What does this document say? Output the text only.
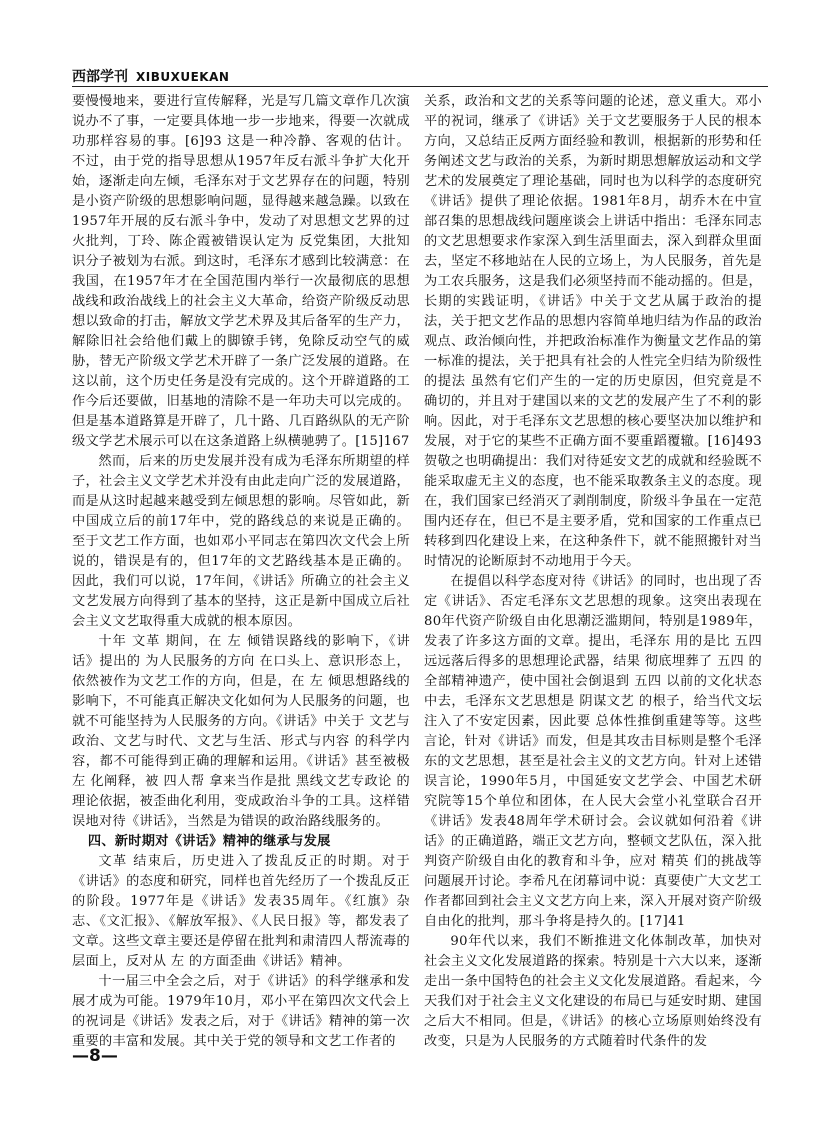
西部学刊 XIBUXUEKAN

要慢慢地来，要进行宣传解释，光是写几篇文章作几次演说办不了事，一定要具体地一步一步地来，得要一次就成功那样容易的事。[6]93 这是一种冷静、客观的估计。不过，由于党的指导思想从1957年反右派斗争扩大化开始，逐渐走向左倾，毛泽东对于文艺界存在的问题，特别是小资产阶级的思想影响问题，显得越来越急躁。以致在1957年开展的反右派斗争中，发动了对思想文艺界的过火批判，丁玲、陈企霞被错误认定为 反党集团，大批知识分子被划为右派。到这时，毛泽东才感到比较满意：在我国，在1957年才在全国范围内举行一次最彻底的思想战线和政治战线上的社会主义大革命，给资产阶级反动思想以致命的打击，解放文学艺术界及其后备军的生产力，解除旧社会给他们戴上的脚镣手铐，免除反动空气的威胁，替无产阶级文学艺术开辟了一条广泛发展的道路。在这以前，这个历史任务是没有完成的。这个开辟道路的工作今后还要做，旧基地的清除不是一年功夫可以完成的。但是基本道路算是开辟了，几十路、几百路纵队的无产阶级文学艺术展示可以在这条道路上纵横驰骋了。[15]167

然而，后来的历史发展并没有成为毛泽东所期望的样子，社会主义文学艺术并没有由此走向广泛的发展道路，而是从这时起越来越受到左倾思想的影响。尽管如此，新中国成立后的前17年中，党的路线总的来说是正确的。至于文艺工作方面，也如邓小平同志在第四次文代会上所说的，错误是有的，但17年的文艺路线基本是正确的。因此，我们可以说，17年间，《讲话》所确立的社会主义文艺发展方向得到了基本的坚持，这正是新中国成立后社会主义文艺取得重大成就的根本原因。

十年 文革 期间，在 左 倾错误路线的影响下，《讲话》提出的 为人民服务的方向 在口头上、意识形态上，依然被作为文艺工作的方向，但是，在 左 倾思想路线的影响下，不可能真正解决文化如何为人民服务的问题，也就不可能坚持为人民服务的方向。《讲话》中关于 文艺与政治、文艺与时代、文艺与生活、形式与内容 的科学内容，都不可能得到正确的理解和运用。《讲话》甚至被极 左 化阐释，被 四人帮 拿来当作是批 黑线文艺专政论 的理论依据，被歪曲化利用，变成政治斗争的工具。这样错误地对待《讲话》，当然是为错误的政治路线服务的。

四、新时期对《讲话》精神的继承与发展

文革 结束后，历史进入了拨乱反正的时期。对于《讲话》的态度和研究，同样也首先经历了一个拨乱反正的阶段。1977年是《讲话》发表35周年。《红旗》杂志、《文汇报》、《解放军报》、《人民日报》等，都发表了文章。这些文章主要还是停留在批判和肃清四人帮流毒的层面上，反对从 左 的方面歪曲《讲话》精神。

十一届三中全会之后，对于《讲话》的科学继承和发展才成为可能。1979年10月，邓小平在第四次文代会上的祝词是《讲话》发表之后，对于《讲话》精神的第一次重要的丰富和发展。其中关于党的领导和文艺工作者的

关系，政治和文艺的关系等问题的论述，意义重大。邓小平的祝词，继承了《讲话》关于文艺要服务于人民的根本方向，又总结正反两方面经验和教训，根据新的形势和任务阐述文艺与政治的关系，为新时期思想解放运动和文学艺术的发展奠定了理论基础，同时也为以科学的态度研究《讲话》提供了理论依据。1981年8月，胡乔木在中宣部召集的思想战线问题座谈会上讲话中指出：毛泽东同志的文艺思想要求作家深入到生活里面去，深入到群众里面去，坚定不移地站在人民的立场上，为人民服务，首先是为工农兵服务，这是我们必须坚持而不能动摇的。但是，长期的实践证明，《讲话》中关于文艺从属于政治的提法，关于把文艺作品的思想内容简单地归结为作品的政治观点、政治倾向性，并把政治标准作为衡量文艺作品的第一标准的提法，关于把具有社会的人性完全归结为阶级性的提法 虽然有它们产生的一定的历史原因，但究竟是不确切的，并且对于建国以来的文艺的发展产生了不利的影响。因此，对于毛泽东文艺思想的核心要坚决加以维护和发展，对于它的某些不正确方面不要重蹈覆辙。[16]493 贺敬之也明确提出：我们对待延安文艺的成就和经验既不能采取虚无主义的态度，也不能采取教条主义的态度。现在，我们国家已经消灭了剥削制度，阶级斗争虽在一定范围内还存在，但已不是主要矛盾，党和国家的工作重点已转移到四化建设上来，在这种条件下，就不能照搬针对当时情况的论断原封不动地用于今天。

在提倡以科学态度对待《讲话》的同时，也出现了否定《讲话》、否定毛泽东文艺思想的现象。这突出表现在80年代资产阶级自由化思潮泛滥期间，特别是1989年，发表了许多这方面的文章。提出，毛泽东 用的是比 五四 远远落后得多的思想理论武器，结果 彻底埋葬了 五四 的全部精神遗产，使中国社会倒退到 五四 以前的文化状态中去，毛泽东文艺思想是 阴谋文艺 的根子，给当代文坛注入了不安定因素，因此要 总体性推倒重建等等。这些言论，针对《讲话》而发，但是其攻击目标则是整个毛泽东的文艺思想，甚至是社会主义的文艺方向。针对上述错误言论，1990年5月，中国延安文艺学会、中国艺术研究院等15个单位和团体，在人民大会堂小礼堂联合召开《讲话》发表48周年学术研讨会。会议就如何沿着《讲话》的正确道路，端正文艺方向，整顿文艺队伍，深入批判资产阶级自由化的教育和斗争，应对 精英 们的挑战等问题展开讨论。李希凡在闭幕词中说：真要使广大文艺工作者都回到社会主义文艺方向上来，深入开展对资产阶级自由化的批判，那斗争将是持久的。[17]41

90年代以来，我们不断推进文化体制改革，加快对社会主义文化发展道路的探索。特别是十六大以来，逐渐走出一条中国特色的社会主义文化发展道路。看起来，今天我们对于社会主义文化建设的布局已与延安时期、建国之后大不相同。但是，《讲话》的核心立场原则始终没有改变，只是为人民服务的方式随着时代条件的发

—8—
